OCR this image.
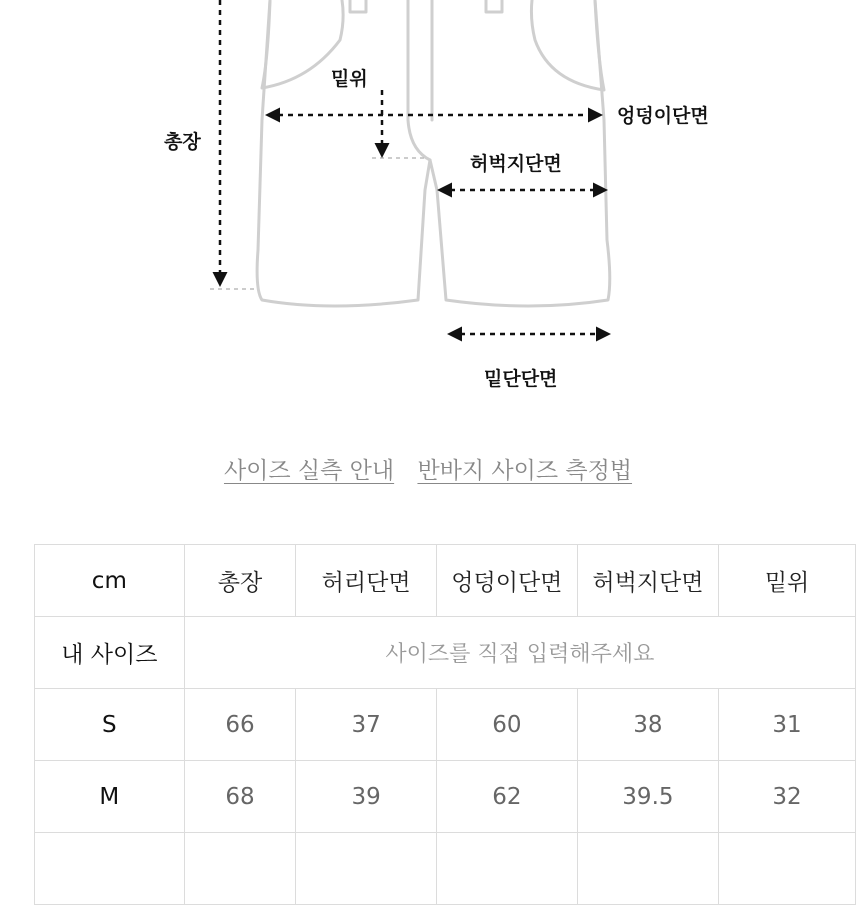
밑위
총장
엉덩이단면
허벅지단면
밑단단면
사이즈 실측 안내 반바지 사이즈 측정법
cm	총장	허리단면	엉덩이단면	허벅지단면	밑위
내 사이즈	사이즈를 직접 입력해주세요				
S	66	37	60	38	31
M	68	39	62	39.5	32
